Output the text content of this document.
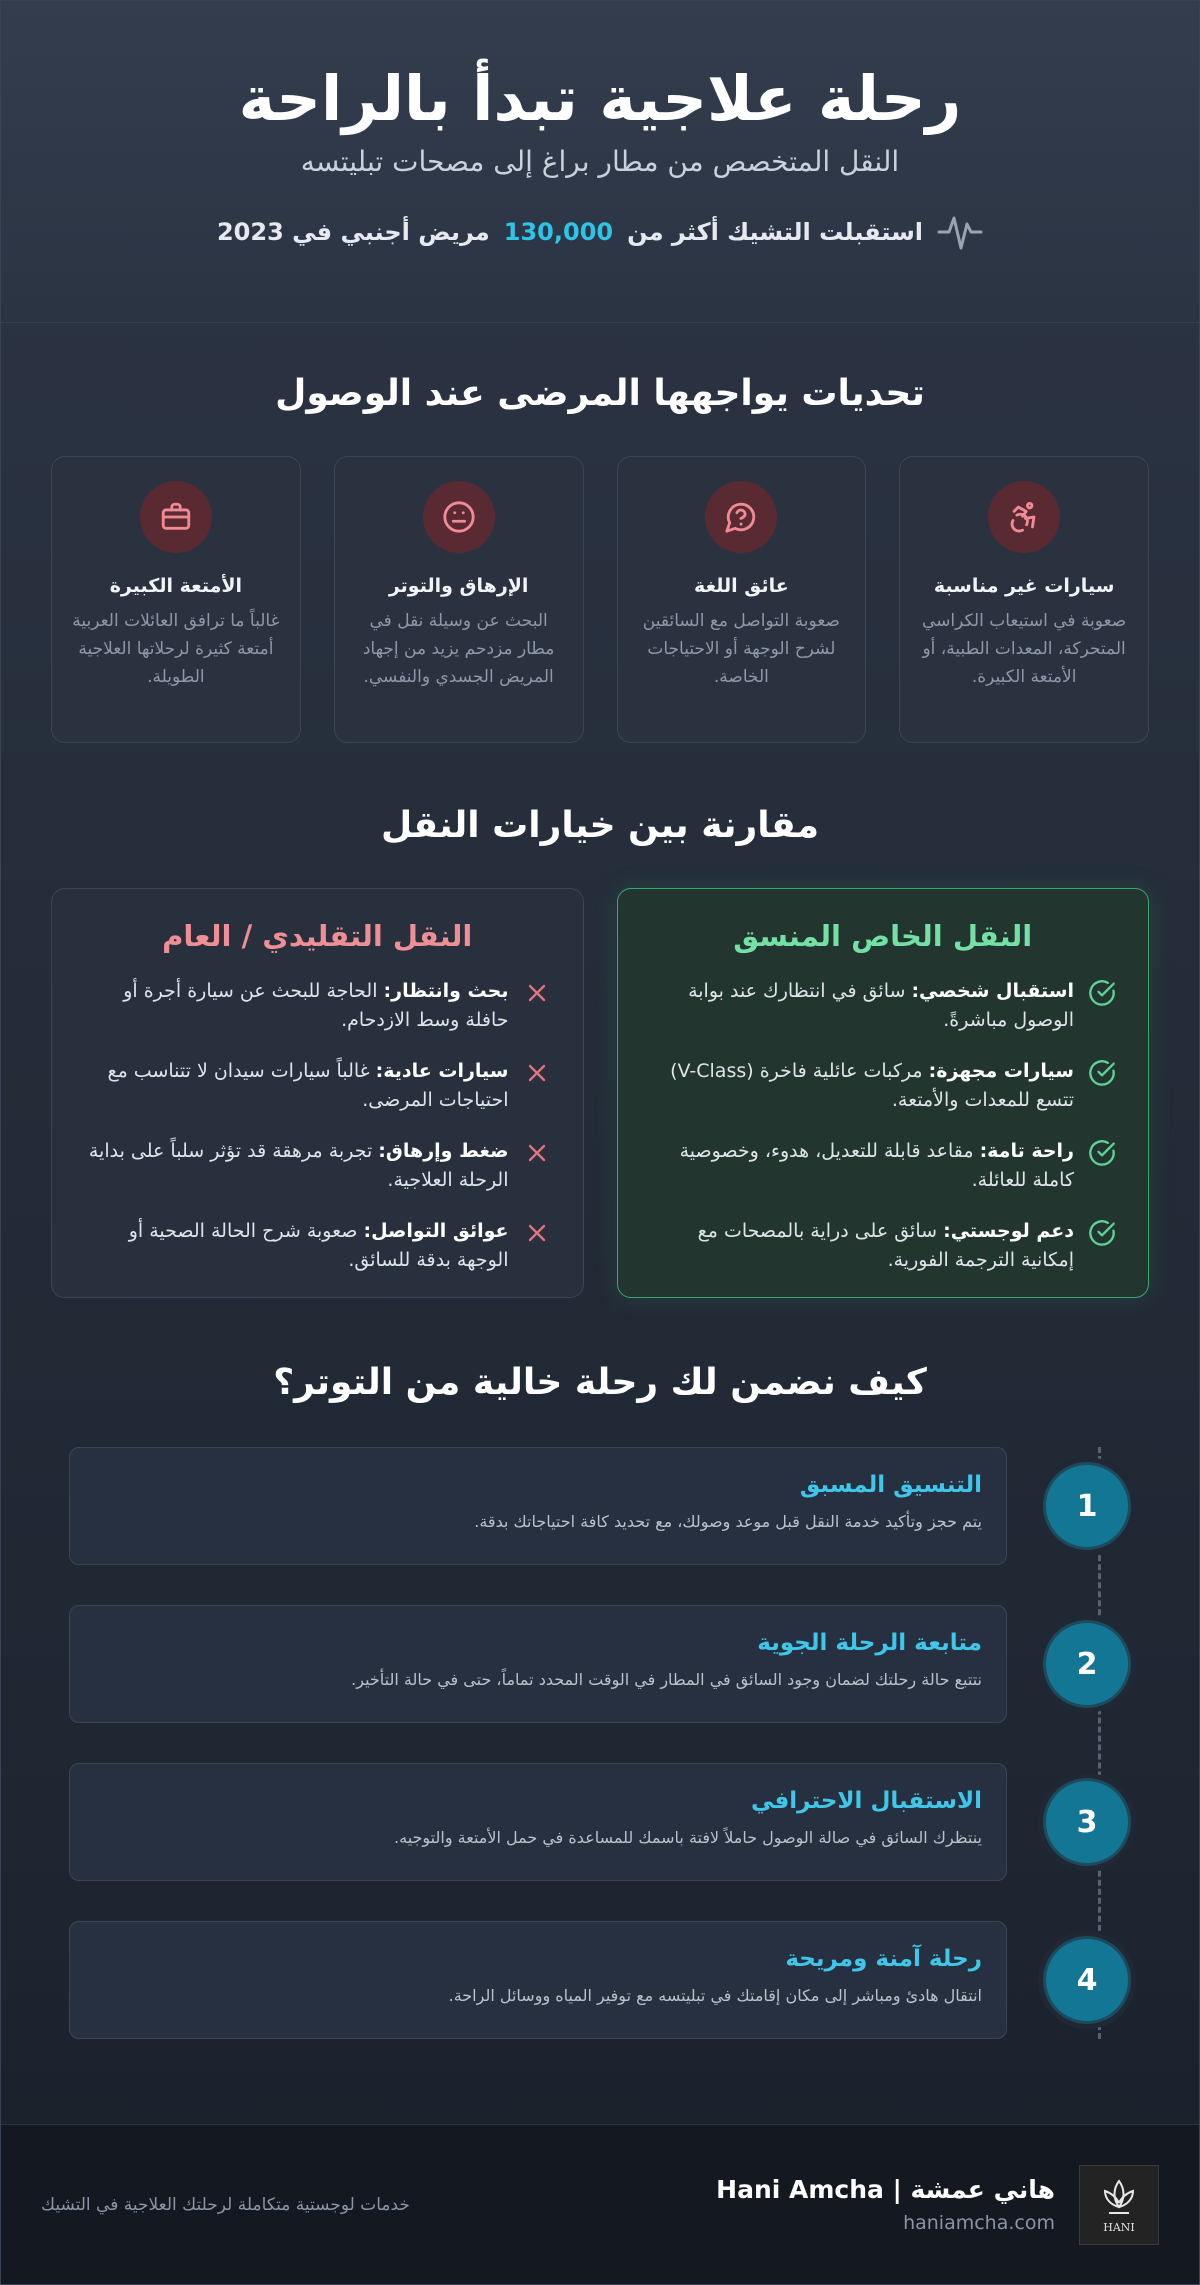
رحلة علاجية تبدأ بالراحة

النقل المتخصص من مطار براغ إلى مصحات تبليتسه

استقبلت التشيك أكثر من
130,000
مريض أجنبي في 2023
تحديات يواجهها المرضى عند الوصول
سيارات غير مناسبة

صعوبة في استيعاب الكراسي المتحركة، المعدات الطبية، أو الأمتعة الكبيرة.

عائق اللغة

صعوبة التواصل مع السائقين لشرح الوجهة أو الاحتياجات الخاصة.

الإرهاق والتوتر

البحث عن وسيلة نقل في مطار مزدحم يزيد من إجهاد المريض الجسدي والنفسي.

الأمتعة الكبيرة

غالباً ما ترافق العائلات العربية أمتعة كثيرة لرحلاتها العلاجية الطويلة.

مقارنة بين خيارات النقل
النقل الخاص المنسق
استقبال شخصي: سائق في انتظارك عند بوابة الوصول مباشرةً.
سيارات مجهزة: مركبات عائلية فاخرة (V-Class) تتسع للمعدات والأمتعة.
راحة تامة: مقاعد قابلة للتعديل، هدوء، وخصوصية كاملة للعائلة.
دعم لوجستي: سائق على دراية بالمصحات مع إمكانية الترجمة الفورية.
النقل التقليدي / العام
بحث وانتظار: الحاجة للبحث عن سيارة أجرة أو حافلة وسط الازدحام.
سيارات عادية: غالباً سيارات سيدان لا تتناسب مع احتياجات المرضى.
ضغط وإرهاق: تجربة مرهقة قد تؤثر سلباً على بداية الرحلة العلاجية.
عوائق التواصل: صعوبة شرح الحالة الصحية أو الوجهة بدقة للسائق.
كيف نضمن لك رحلة خالية من التوتر؟
1
التنسيق المسبق

يتم حجز وتأكيد خدمة النقل قبل موعد وصولك، مع تحديد كافة احتياجاتك بدقة.

2
متابعة الرحلة الجوية

نتتبع حالة رحلتك لضمان وجود السائق في المطار في الوقت المحدد تماماً، حتى في حالة التأخير.

3
الاستقبال الاحترافي

ينتظرك السائق في صالة الوصول حاملاً لافتة باسمك للمساعدة في حمل الأمتعة والتوجيه.

4
رحلة آمنة ومريحة

انتقال هادئ ومباشر إلى مكان إقامتك في تبليتسه مع توفير المياه ووسائل الراحة.

HANI
هاني عمشة | Hani Amcha
haniamcha.com
خدمات لوجستية متكاملة لرحلتك العلاجية في التشيك
